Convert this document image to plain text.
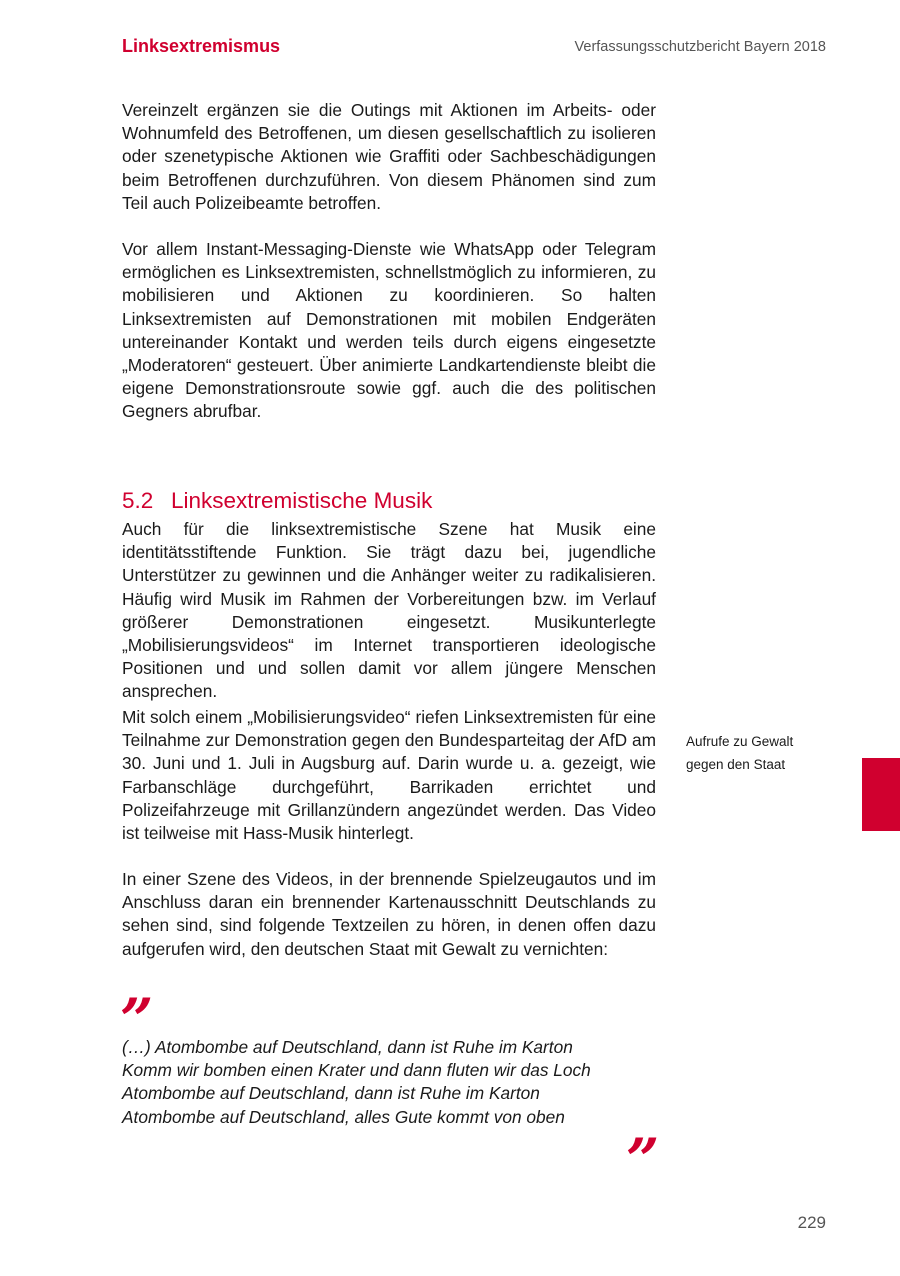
Linksextremismus	Verfassungsschutzbericht Bayern 2018

Vereinzelt ergänzen sie die Outings mit Aktionen im Arbeits- oder Wohnumfeld des Betroffenen, um diesen gesellschaftlich zu isolieren oder szenetypische Aktionen wie Graffiti oder Sachbeschädigungen beim Betroffenen durchzuführen. Von diesem Phänomen sind zum Teil auch Polizeibeamte betroffen.

Vor allem Instant-Messaging-Dienste wie WhatsApp oder Telegram ermöglichen es Linksextremisten, schnellstmöglich zu informieren, zu mobilisieren und Aktionen zu koordinieren. So halten Linksextremisten auf Demonstrationen mit mobilen Endgeräten untereinander Kontakt und werden teils durch eigens eingesetzte „Moderatoren“ gesteuert. Über animierte Landkartendienste bleibt die eigene Demonstrationsroute sowie ggf. auch die des politischen Gegners abrufbar.

5.2 Linksextremistische Musik

Auch für die linksextremistische Szene hat Musik eine identitätsstiftende Funktion. Sie trägt dazu bei, jugendliche Unterstützer zu gewinnen und die Anhänger weiter zu radikalisieren. Häufig wird Musik im Rahmen der Vorbereitungen bzw. im Verlauf größerer Demonstrationen eingesetzt. Musikunterlegte „Mobilisierungsvideos“ im Internet transportieren ideologische Positionen und und sollen damit vor allem jüngere Menschen ansprechen.

Mit solch einem „Mobilisierungsvideo“ riefen Linksextremisten für eine Teilnahme zur Demonstration gegen den Bundesparteitag der AfD am 30. Juni und 1. Juli in Augsburg auf. Darin wurde u. a. gezeigt, wie Farbanschläge durchgeführt, Barrikaden errichtet und Polizeifahrzeuge mit Grillanzündern angezündet werden. Das Video ist teilweise mit Hass-Musik hinterlegt.

In einer Szene des Videos, in der brennende Spielzeugautos und im Anschluss daran ein brennender Kartenausschnitt Deutschlands zu sehen sind, sind folgende Textzeilen zu hören, in denen offen dazu aufgerufen wird, den deutschen Staat mit Gewalt zu vernichten:

”
(…) Atombombe auf Deutschland, dann ist Ruhe im Karton
Komm wir bomben einen Krater und dann fluten wir das Loch
Atombombe auf Deutschland, dann ist Ruhe im Karton
Atombombe auf Deutschland, alles Gute kommt von oben
”
Aufrufe zu Gewalt
gegen den Staat
229
